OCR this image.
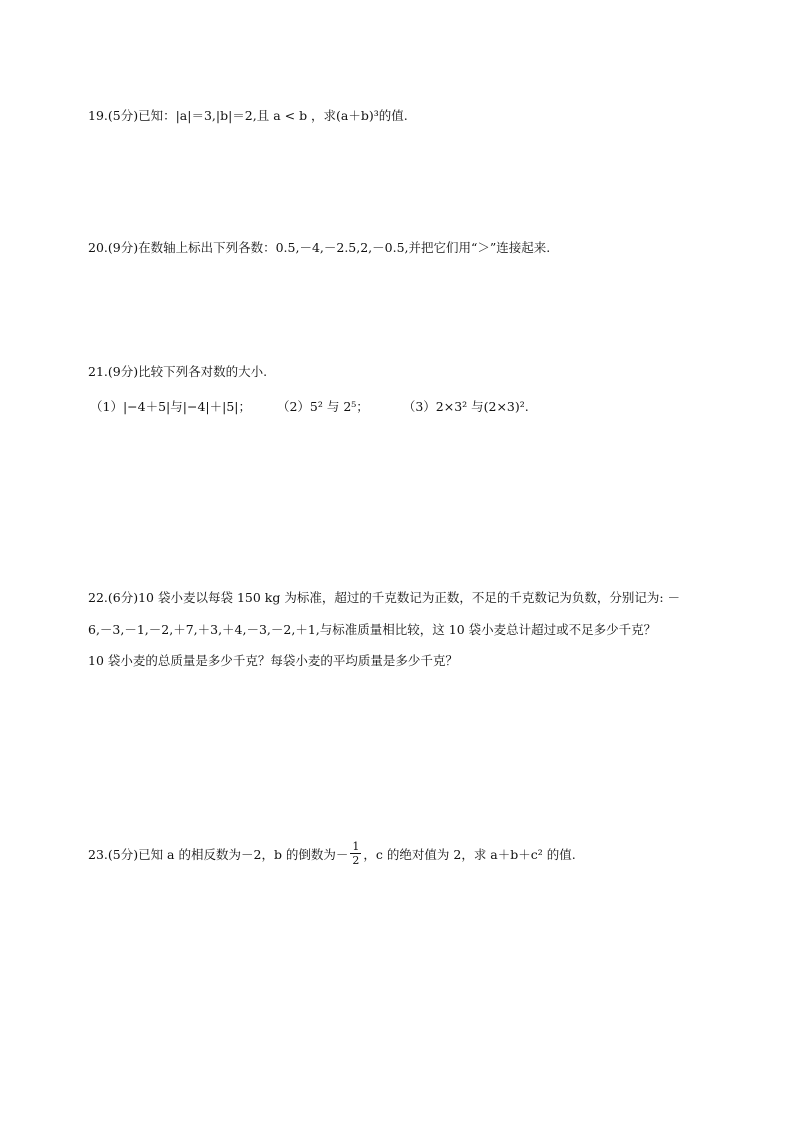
19.(5分)已知：|a|＝3,|b|＝2,且 a < b ，求(a＋b)³的值.
20.(9分)在数轴上标出下列各数：0.5,－4,－2.5,2,－0.5,并把它们用“＞”连接起来.
21.(9分)比较下列各对数的大小.
（1）|−4＋5|与|−4|＋|5|； （2）5² 与 2⁵；	（3）2×3² 与(2×3)².
22.(6分)10 袋小麦以每袋 150 kg 为标准，超过的千克数记为正数，不足的千克数记为负数，分别记为: －
6,－3,－1,－2,＋7,＋3,＋4,－3,－2,＋1,与标准质量相比较，这 10 袋小麦总计超过或不足多少千克？
10 袋小麦的总质量是多少千克？每袋小麦的平均质量是多少千克？
23.(5分)已知 a 的相反数为－2，b 的倒数为－ $\frac{1}{2}$ ，c 的绝对值为 2，求 a＋b＋c² 的值.
